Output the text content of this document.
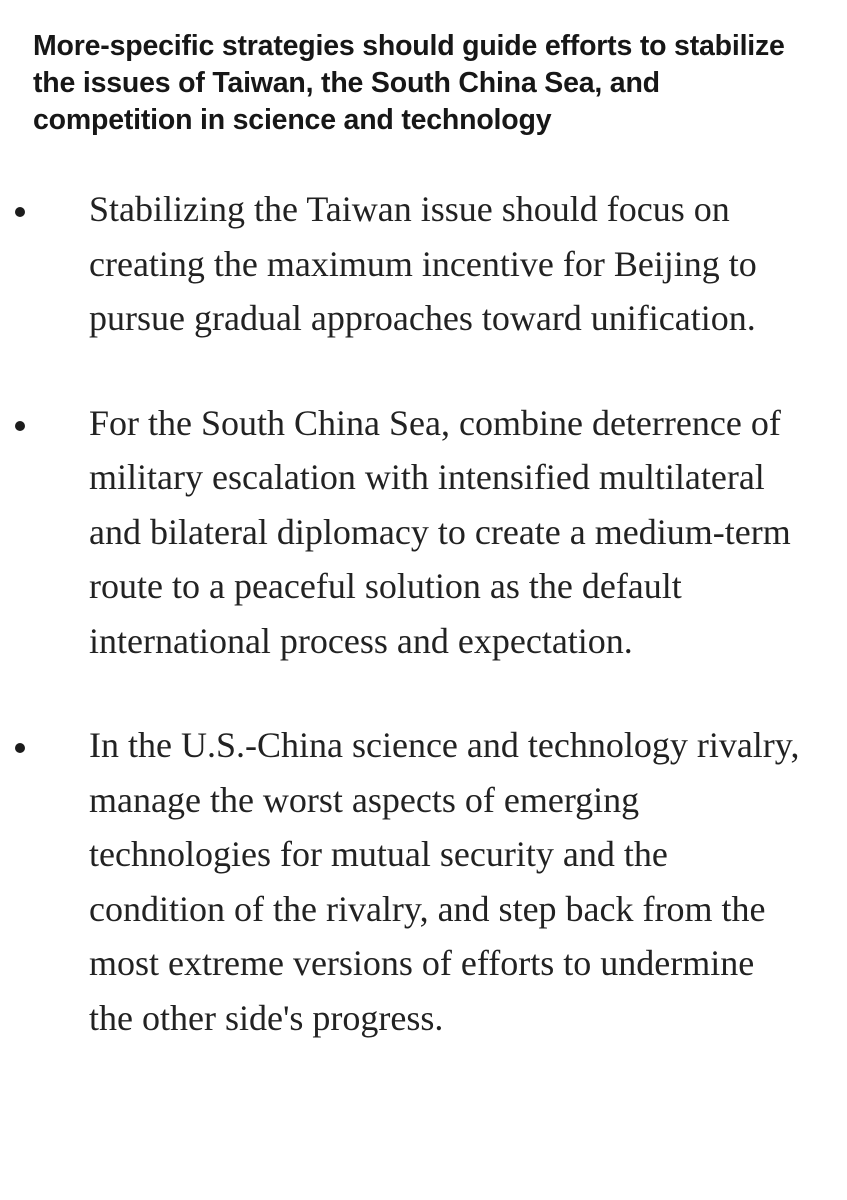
More-specific strategies should guide efforts to stabilize the issues of Taiwan, the South China Sea, and competition in science and technology
Stabilizing the Taiwan issue should focus on creating the maximum incentive for Beijing to pursue gradual approaches toward unification.
For the South China Sea, combine deterrence of military escalation with intensified multilateral and bilateral diplomacy to create a medium-term route to a peaceful solution as the default international process and expectation.
In the U.S.-China science and technology rivalry, manage the worst aspects of emerging technologies for mutual security and the condition of the rivalry, and step back from the most extreme versions of efforts to undermine the other side's progress.
